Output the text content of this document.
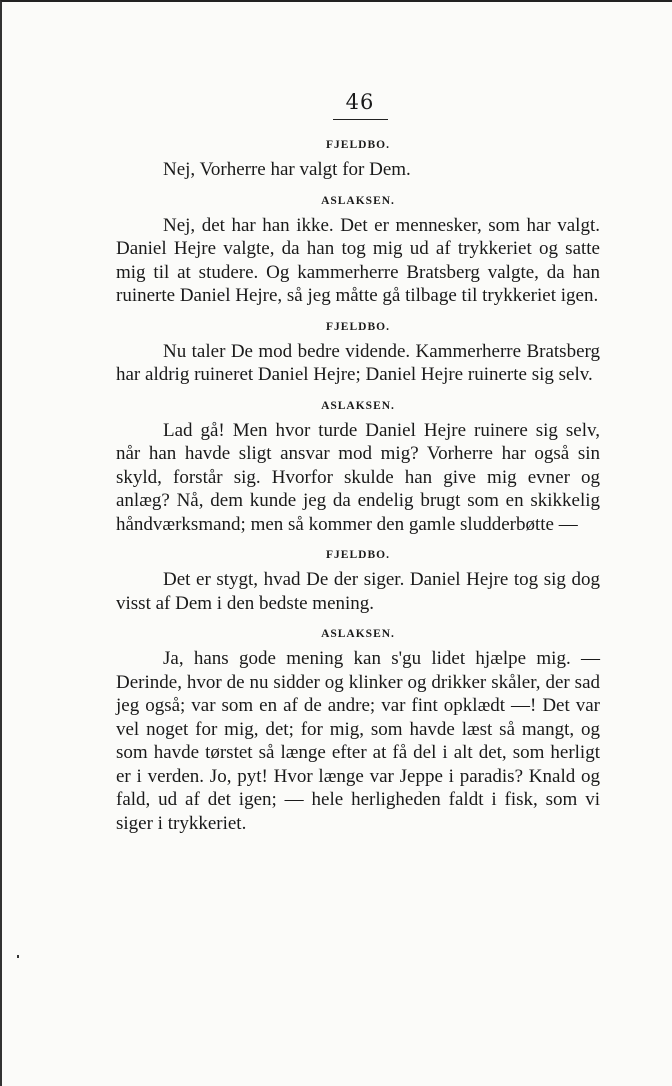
46
FJELDBO.

Nej, Vorherre har valgt for Dem.

ASLAKSEN.

Nej, det har han ikke. Det er mennesker, som har valgt. Daniel Hejre valgte, da han tog mig ud af trykkeriet og satte mig til at studere. Og kammerherre Bratsberg valgte, da han ruinerte Daniel Hejre, så jeg måtte gå tilbage til trykkeriet igen.

FJELDBO.

Nu taler De mod bedre vidende. Kammerherre Bratsberg har aldrig ruineret Daniel Hejre; Daniel Hejre ruinerte sig selv.

ASLAKSEN.

Lad gå! Men hvor turde Daniel Hejre ruinere sig selv, når han havde sligt ansvar mod mig? Vorherre har også sin skyld, forstår sig. Hvorfor skulde han give mig evner og anlæg? Nå, dem kunde jeg da endelig brugt som en skikkelig håndværksmand; men så kommer den gamle sludderbøtte —

FJELDBO.

Det er stygt, hvad De der siger. Daniel Hejre tog sig dog visst af Dem i den bedste mening.

ASLAKSEN.

Ja, hans gode mening kan s'gu lidet hjælpe mig. — Derinde, hvor de nu sidder og klinker og drikker skåler, der sad jeg også; var som en af de andre; var fint opklædt —! Det var vel noget for mig, det; for mig, som havde læst så mangt, og som havde tørstet så længe efter at få del i alt det, som herligt er i verden. Jo, pyt! Hvor længe var Jeppe i paradis? Knald og fald, ud af det igen; — hele herligheden faldt i fisk, som vi siger i trykkeriet.
